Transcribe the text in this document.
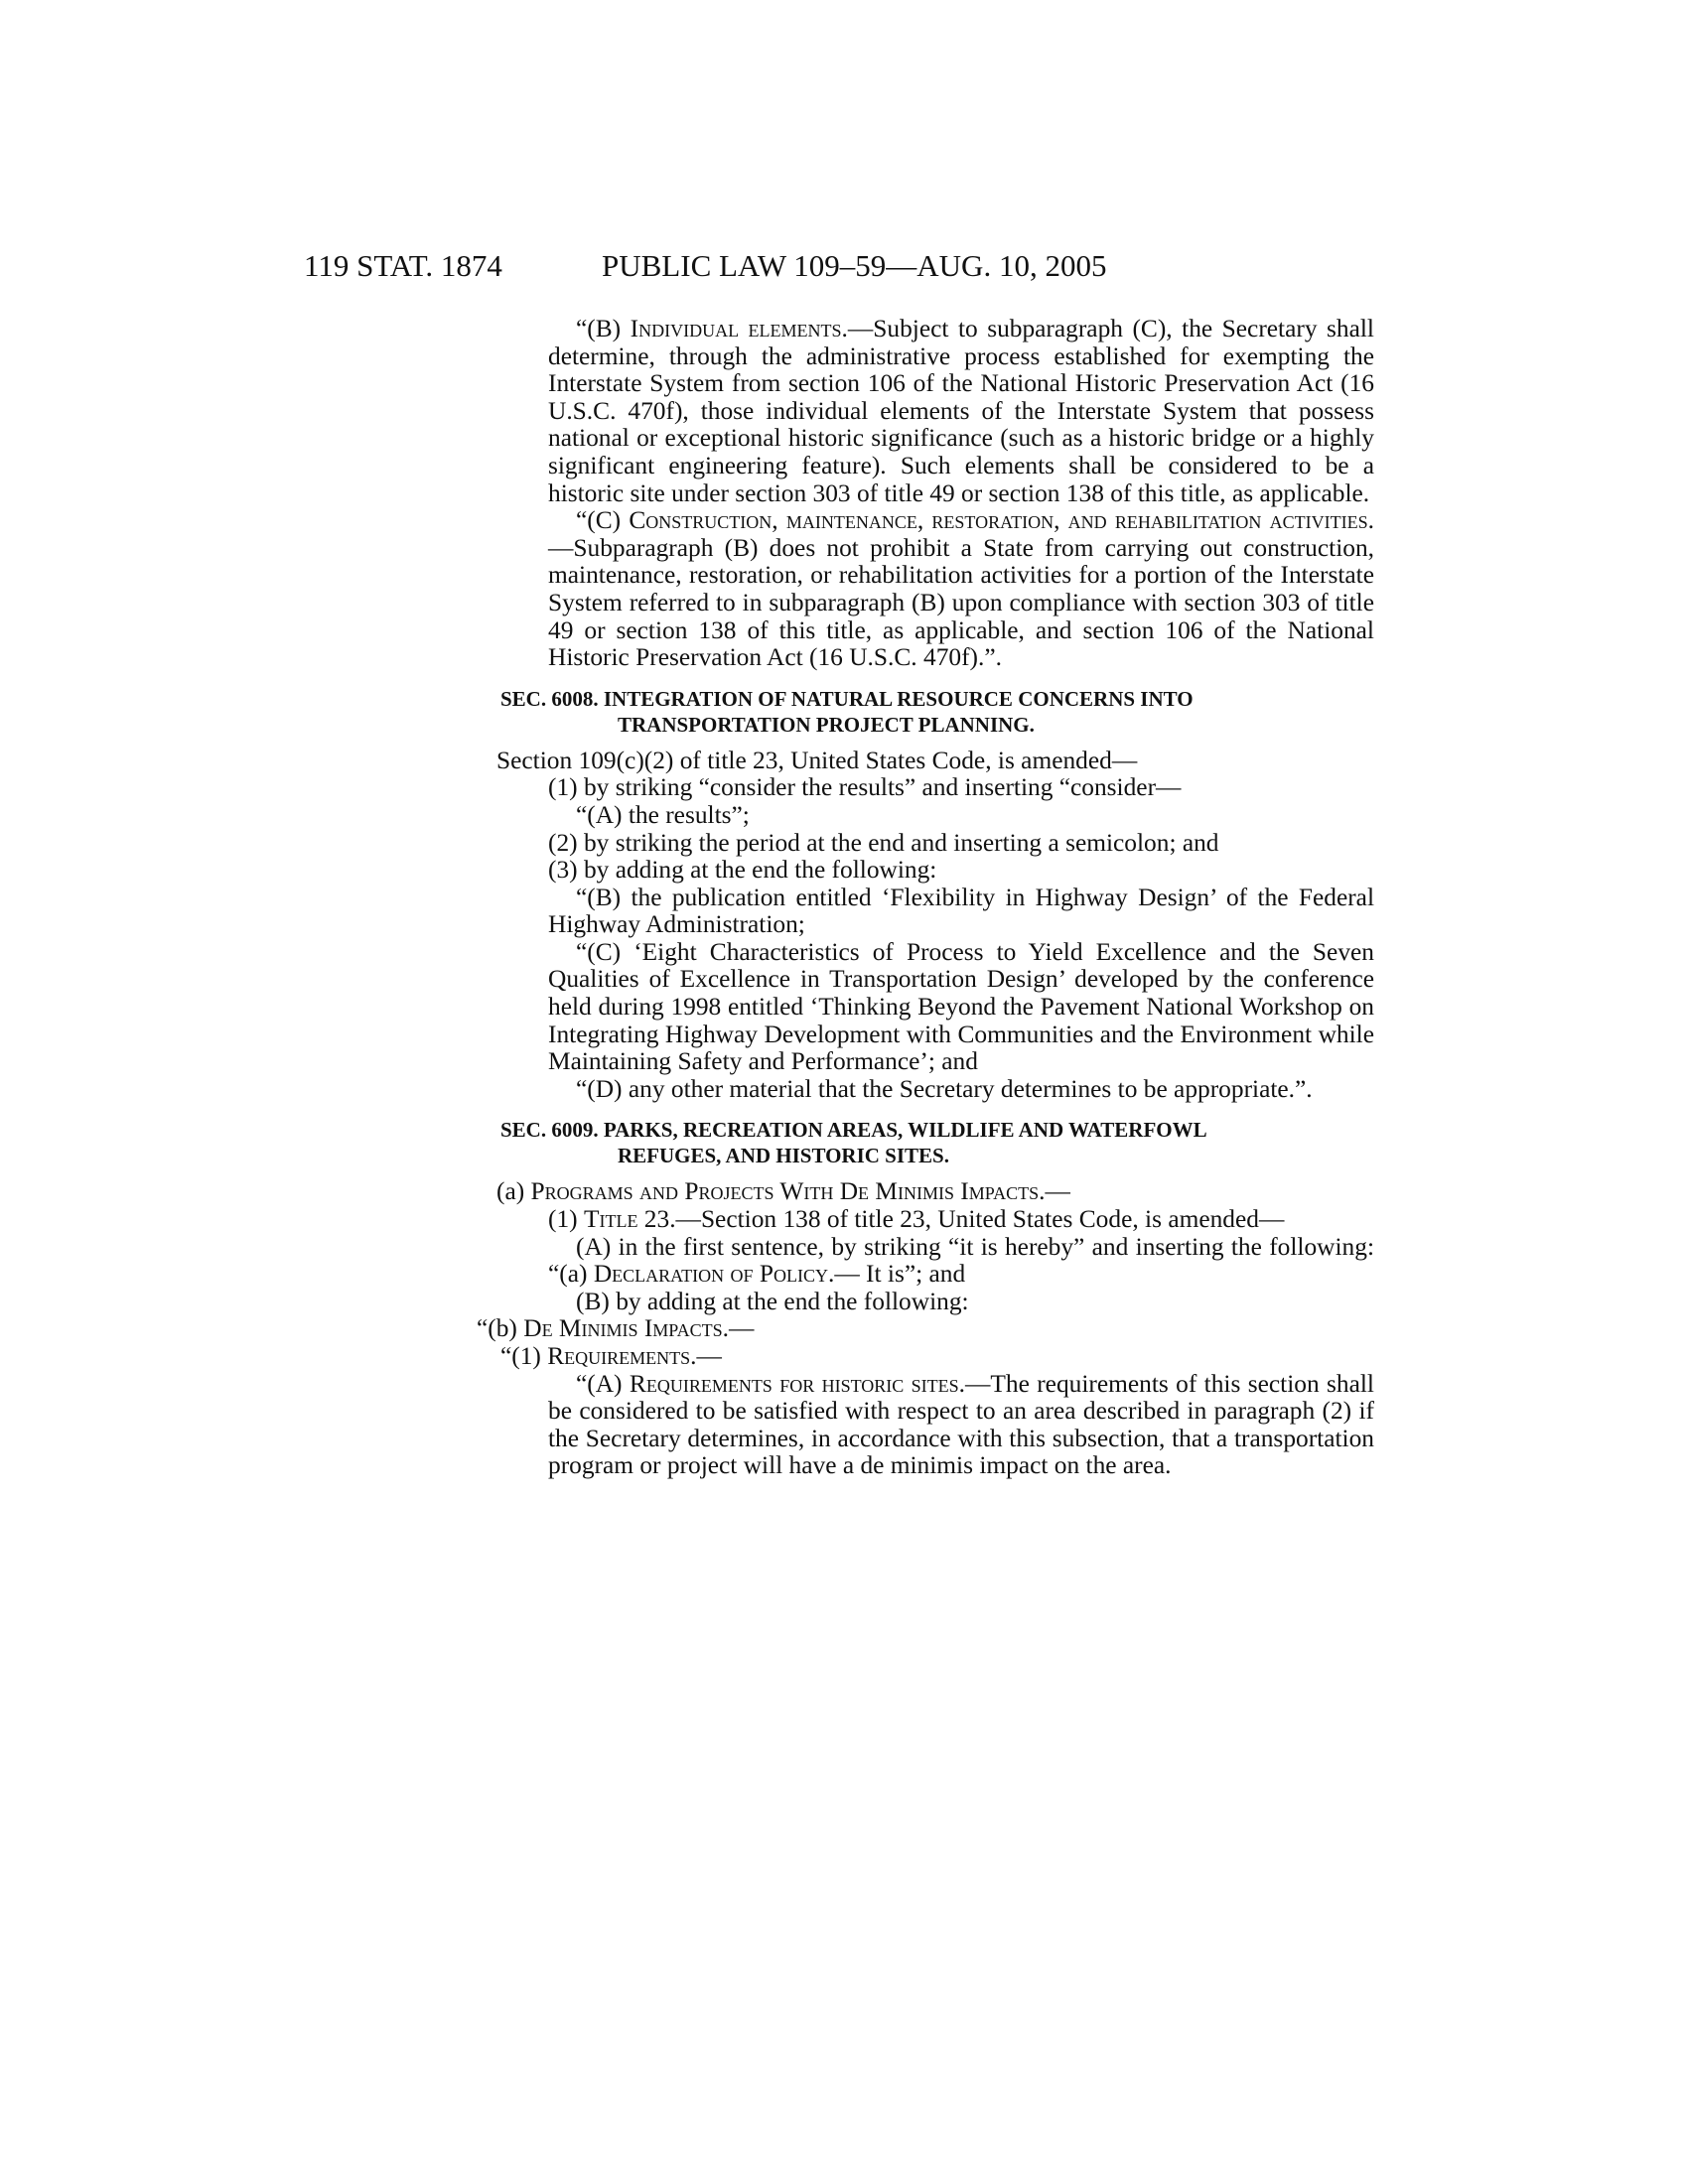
119 STAT. 1874	PUBLIC LAW 109–59—AUG. 10, 2005

“(B) Individual elements.—Subject to subparagraph (C), the Secretary shall determine, through the administrative process established for exempting the Interstate System from section 106 of the National Historic Preservation Act (16 U.S.C. 470f), those individual elements of the Interstate System that possess national or exceptional historic significance (such as a historic bridge or a highly significant engineering feature). Such elements shall be considered to be a historic site under section 303 of title 49 or section 138 of this title, as applicable.

“(C) Construction, maintenance, restoration, and rehabilitation activities.—Subparagraph (B) does not prohibit a State from carrying out construction, maintenance, restoration, or rehabilitation activities for a portion of the Interstate System referred to in subparagraph (B) upon compliance with section 303 of title 49 or section 138 of this title, as applicable, and section 106 of the National Historic Preservation Act (16 U.S.C. 470f).”.

SEC. 6008. INTEGRATION OF NATURAL RESOURCE CONCERNS INTO
TRANSPORTATION PROJECT PLANNING.

Section 109(c)(2) of title 23, United States Code, is amended—

(1) by striking “consider the results” and inserting “consider—

“(A) the results”;

(2) by striking the period at the end and inserting a semicolon; and

(3) by adding at the end the following:

“(B) the publication entitled ‘Flexibility in Highway Design’ of the Federal Highway Administration;

“(C) ‘Eight Characteristics of Process to Yield Excellence and the Seven Qualities of Excellence in Transportation Design’ developed by the conference held during 1998 entitled ‘Thinking Beyond the Pavement National Workshop on Integrating Highway Development with Communities and the Environment while Maintaining Safety and Performance’; and

“(D) any other material that the Secretary determines to be appropriate.”.

SEC. 6009. PARKS, RECREATION AREAS, WILDLIFE AND WATERFOWL
REFUGES, AND HISTORIC SITES.

(a) Programs and Projects With De Minimis Impacts.—

(1) Title 23.—Section 138 of title 23, United States Code, is amended—

(A) in the first sentence, by striking “it is hereby” and inserting the following: “(a) Declaration of Policy.— It is”; and

(B) by adding at the end the following:

“(b) De Minimis Impacts.—

“(1) Requirements.—

“(A) Requirements for historic sites.—The requirements of this section shall be considered to be satisfied with respect to an area described in paragraph (2) if the Secretary determines, in accordance with this subsection, that a transportation program or project will have a de minimis impact on the area.
